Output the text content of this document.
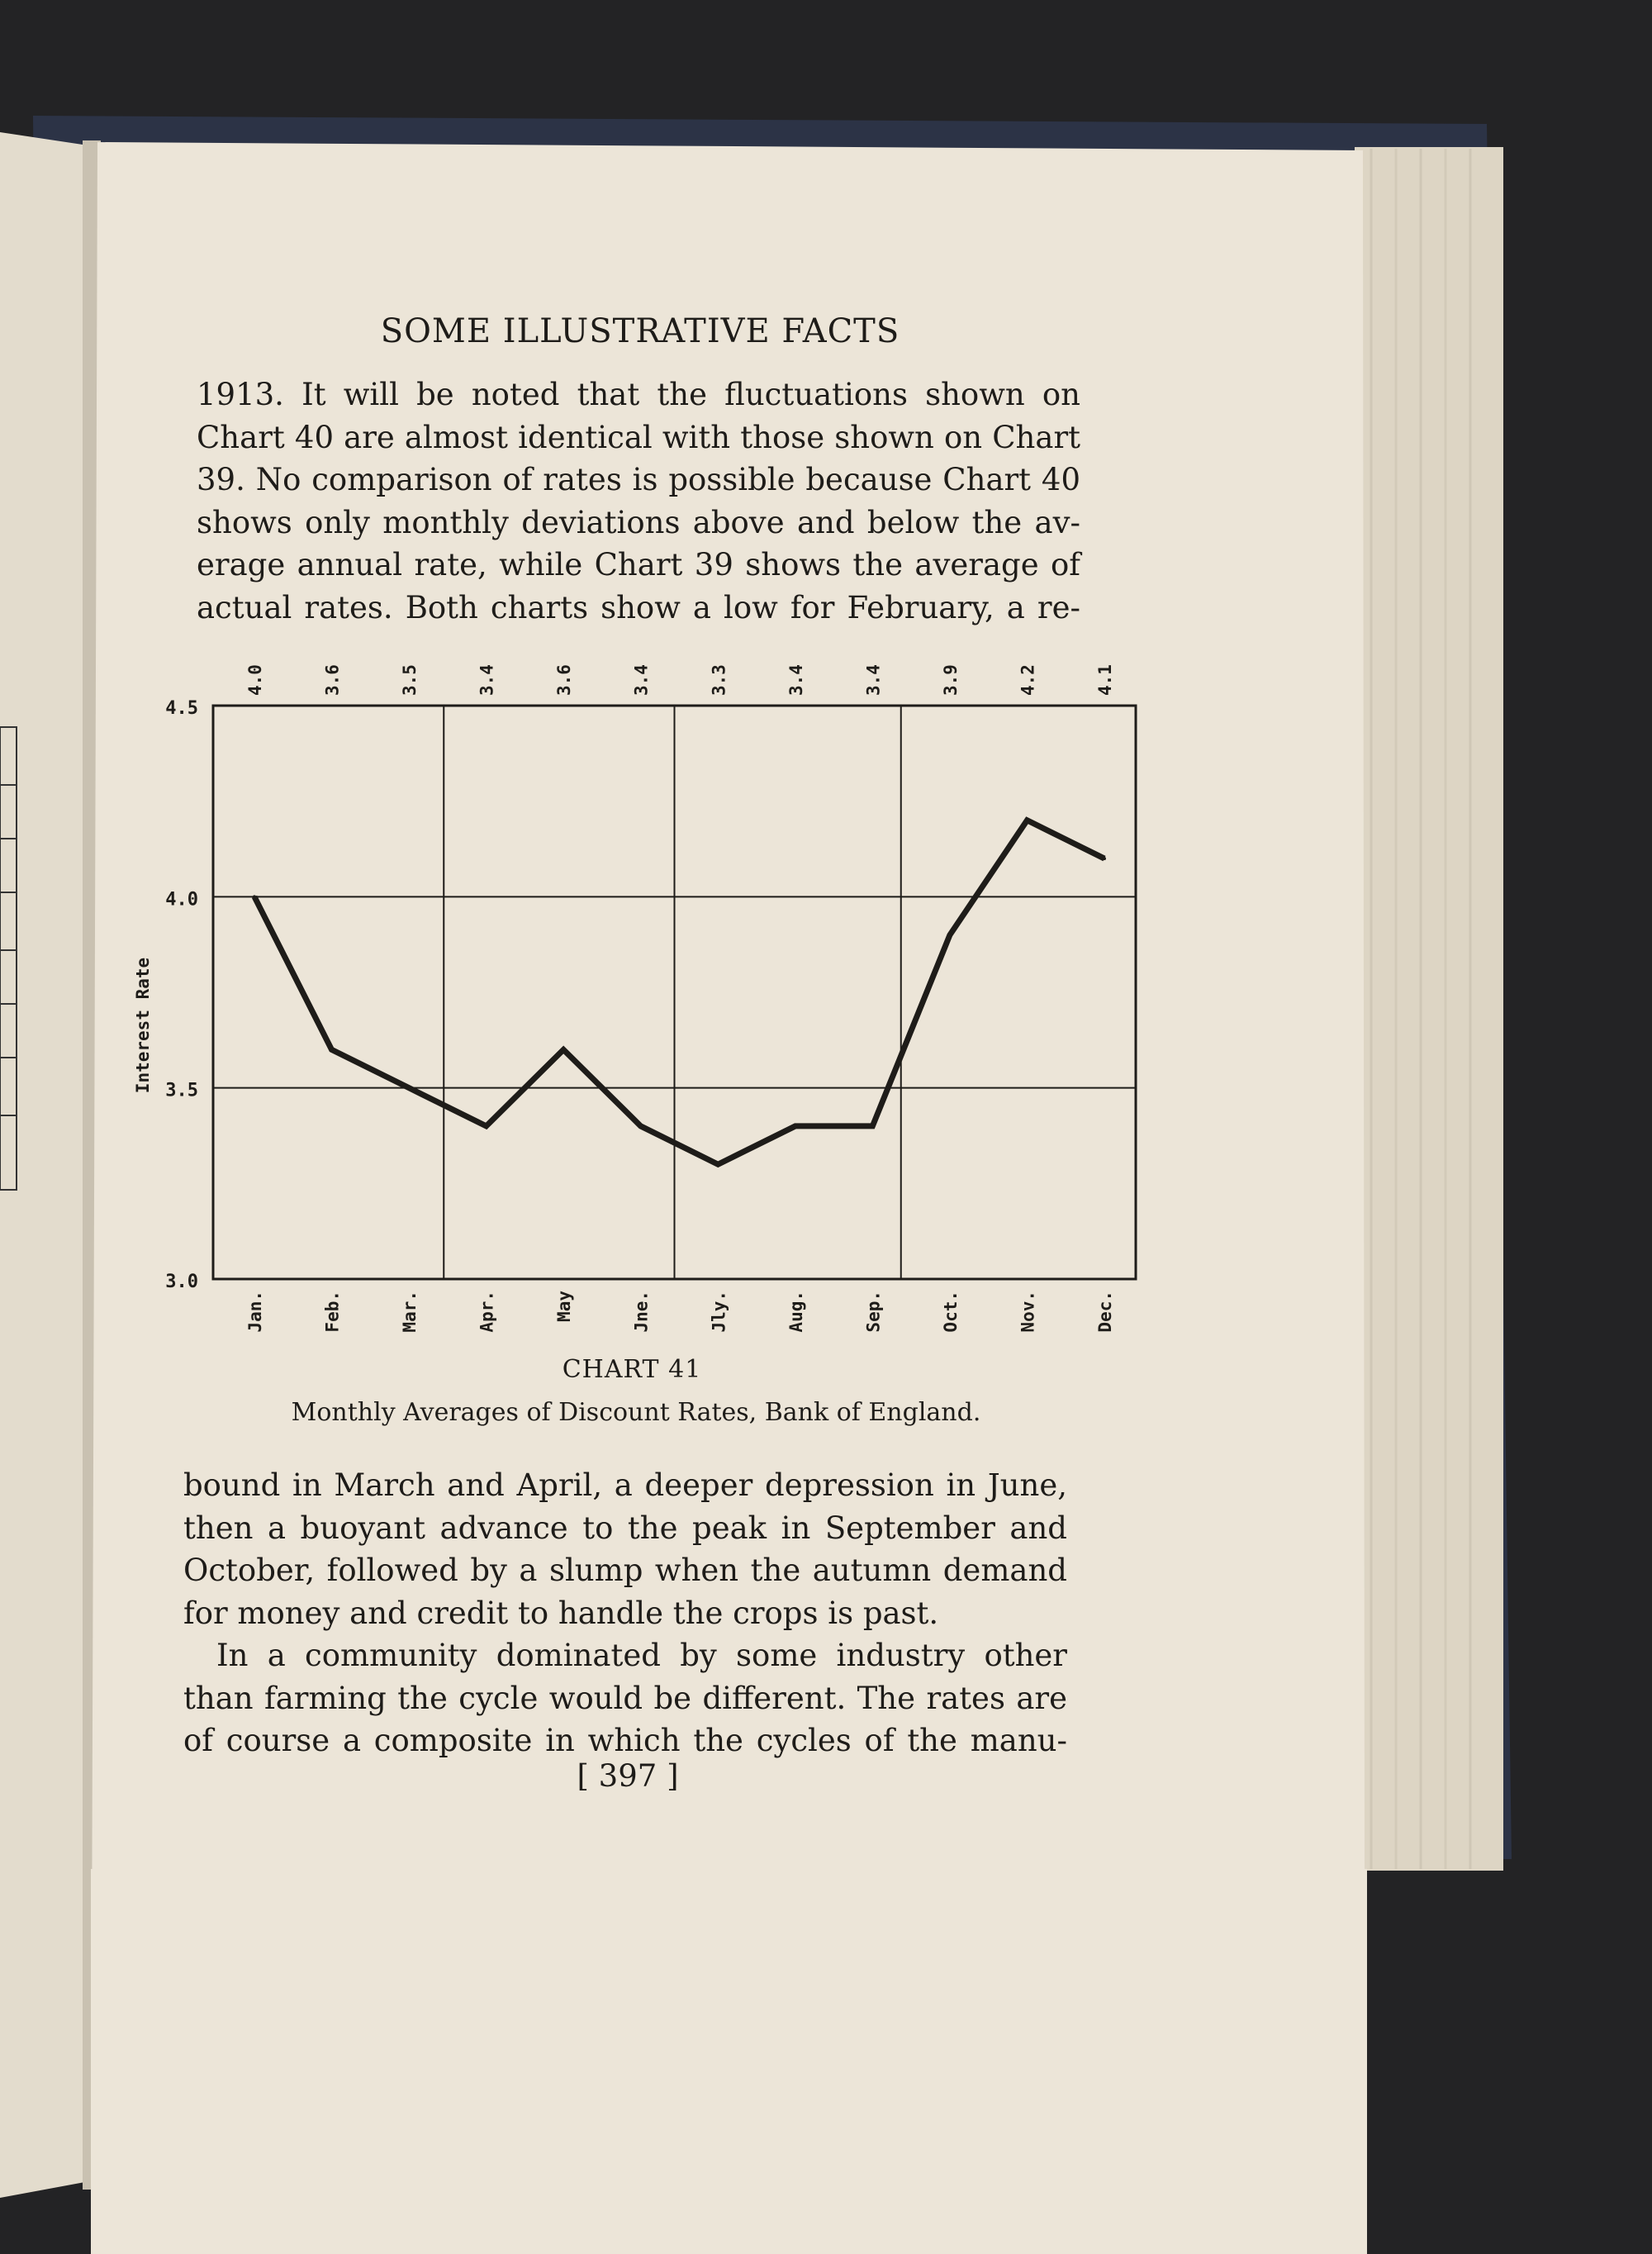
SOME ILLUSTRATIVE FACTS
1913. It will be noted that the fluctuations shown on
Chart 40 are almost identical with those shown on Chart
39. No comparison of rates is possible because Chart 40
shows only monthly deviations above and below the av-
erage annual rate, while Chart 39 shows the average of
actual rates. Both charts show a low for February, a re-
3.0
3.5
4.0
4.5
Interest Rate
4.0	3.6	3.5	3.4	3.6	3.4	3.3	3.4	3.4	3.9	4.2	4.1
Jan.	Feb.	Mar.	Apr.	May	Jne.	Jly.	Aug.	Sep.	Oct.	Nov.	Dec.
CHART 41
Monthly Averages of Discount Rates, Bank of England.
bound in March and April, a deeper depression in June,
then a buoyant advance to the peak in September and
October, followed by a slump when the autumn demand
for money and credit to handle the crops is past.
In a community dominated by some industry other
than farming the cycle would be different. The rates are
of course a composite in which the cycles of the manu-
[ 397 ]
